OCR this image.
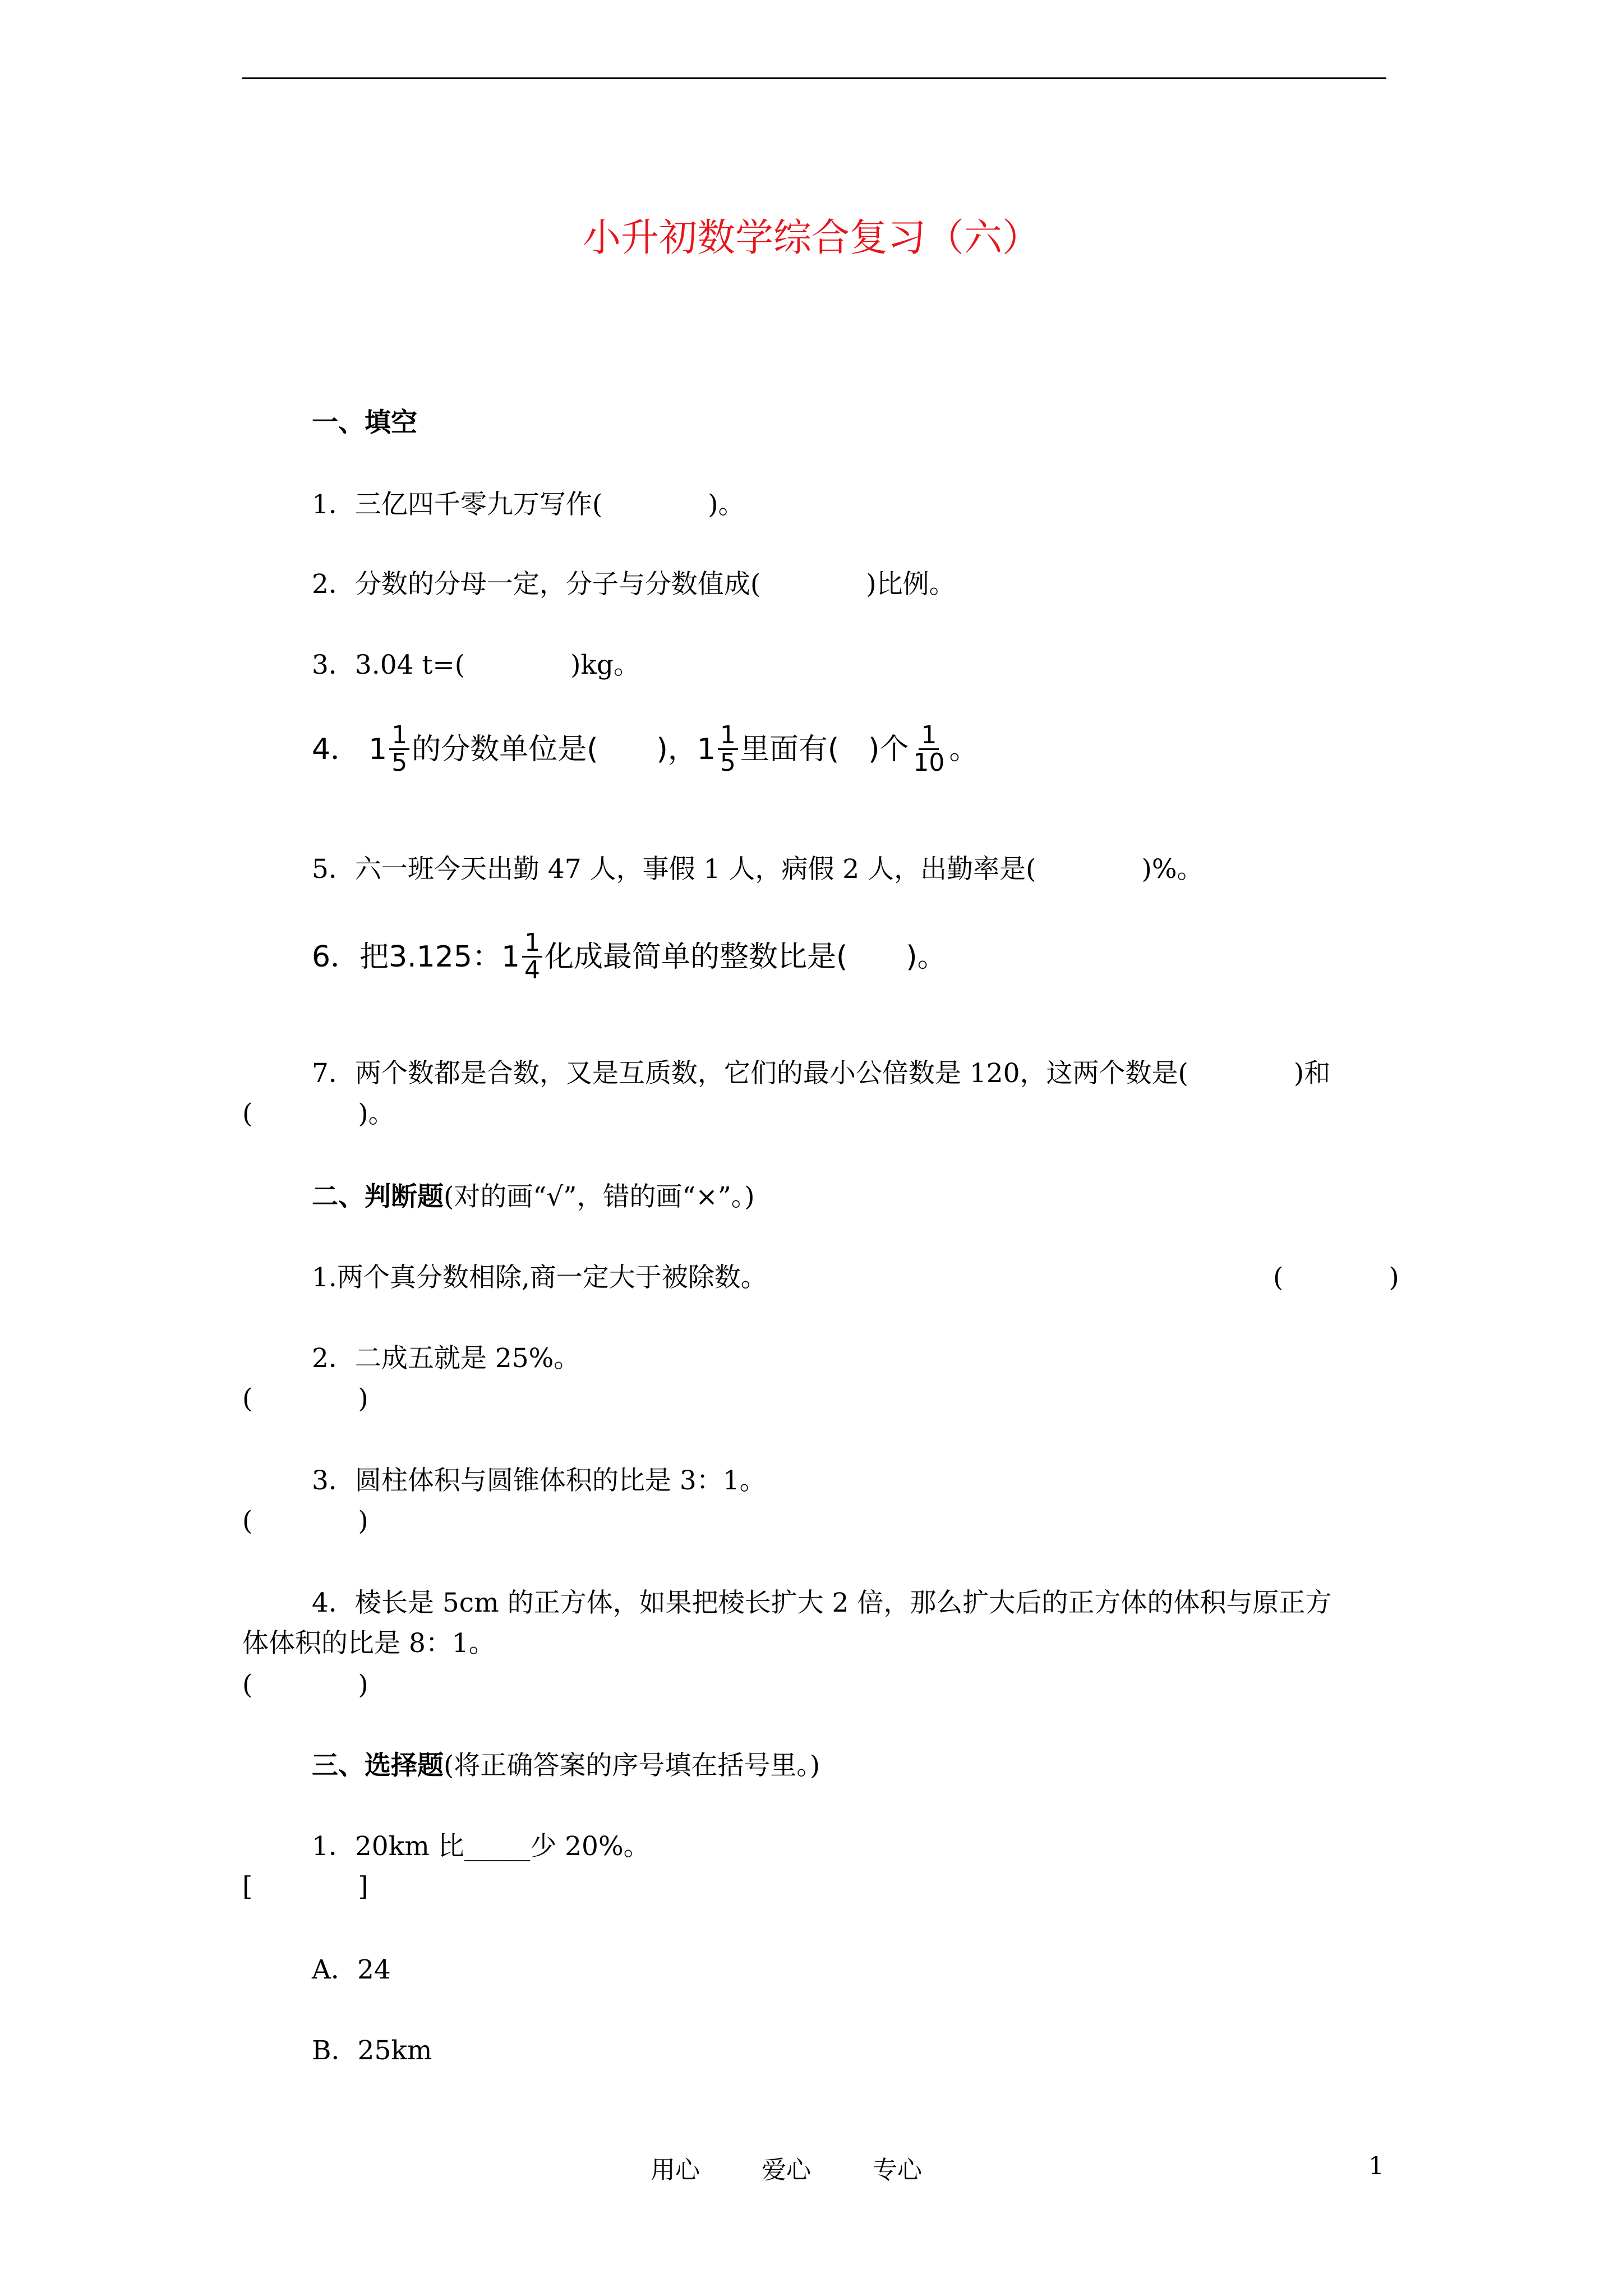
小升初数学综合复习（六）
一、填空
1．三亿四千零九万写作(　　　　)。
2．分数的分母一定，分子与分数值成(　　　　)比例。
3．3.04 t=(　　　　)kg。
4． $1 \frac{1}{5}$ 的分数单位是(　　)， $1 \frac{1}{5}$ 里面有(　)个 $\frac{1}{10}$ 。
5．六一班今天出勤 47 人，事假 1 人，病假 2 人，出勤率是(　　　　)%。
6．把3.125： $1 \frac{1}{4}$ 化成最简单的整数比是(　　)。
7．两个数都是合数，又是互质数，它们的最小公倍数是 120，这两个数是(　　　　)和
(　　　　)。
二、判断题(对的画“√”，错的画“×”。)
1.两个真分数相除,商一定大于被除数。	(　　　　)
2．二成五就是 25%。
(　　　　)
3．圆柱体积与圆锥体积的比是 3：1。
(　　　　)
4．棱长是 5cm 的正方体，如果把棱长扩大 2 倍，那么扩大后的正方体的体积与原正方
体体积的比是 8：1。
(　　　　)
三、选择题(将正确答案的序号填在括号里。)
1．20km 比_____少 20%。
[　　　　]
A．24
B．25km
用心	爱心	专心	1
